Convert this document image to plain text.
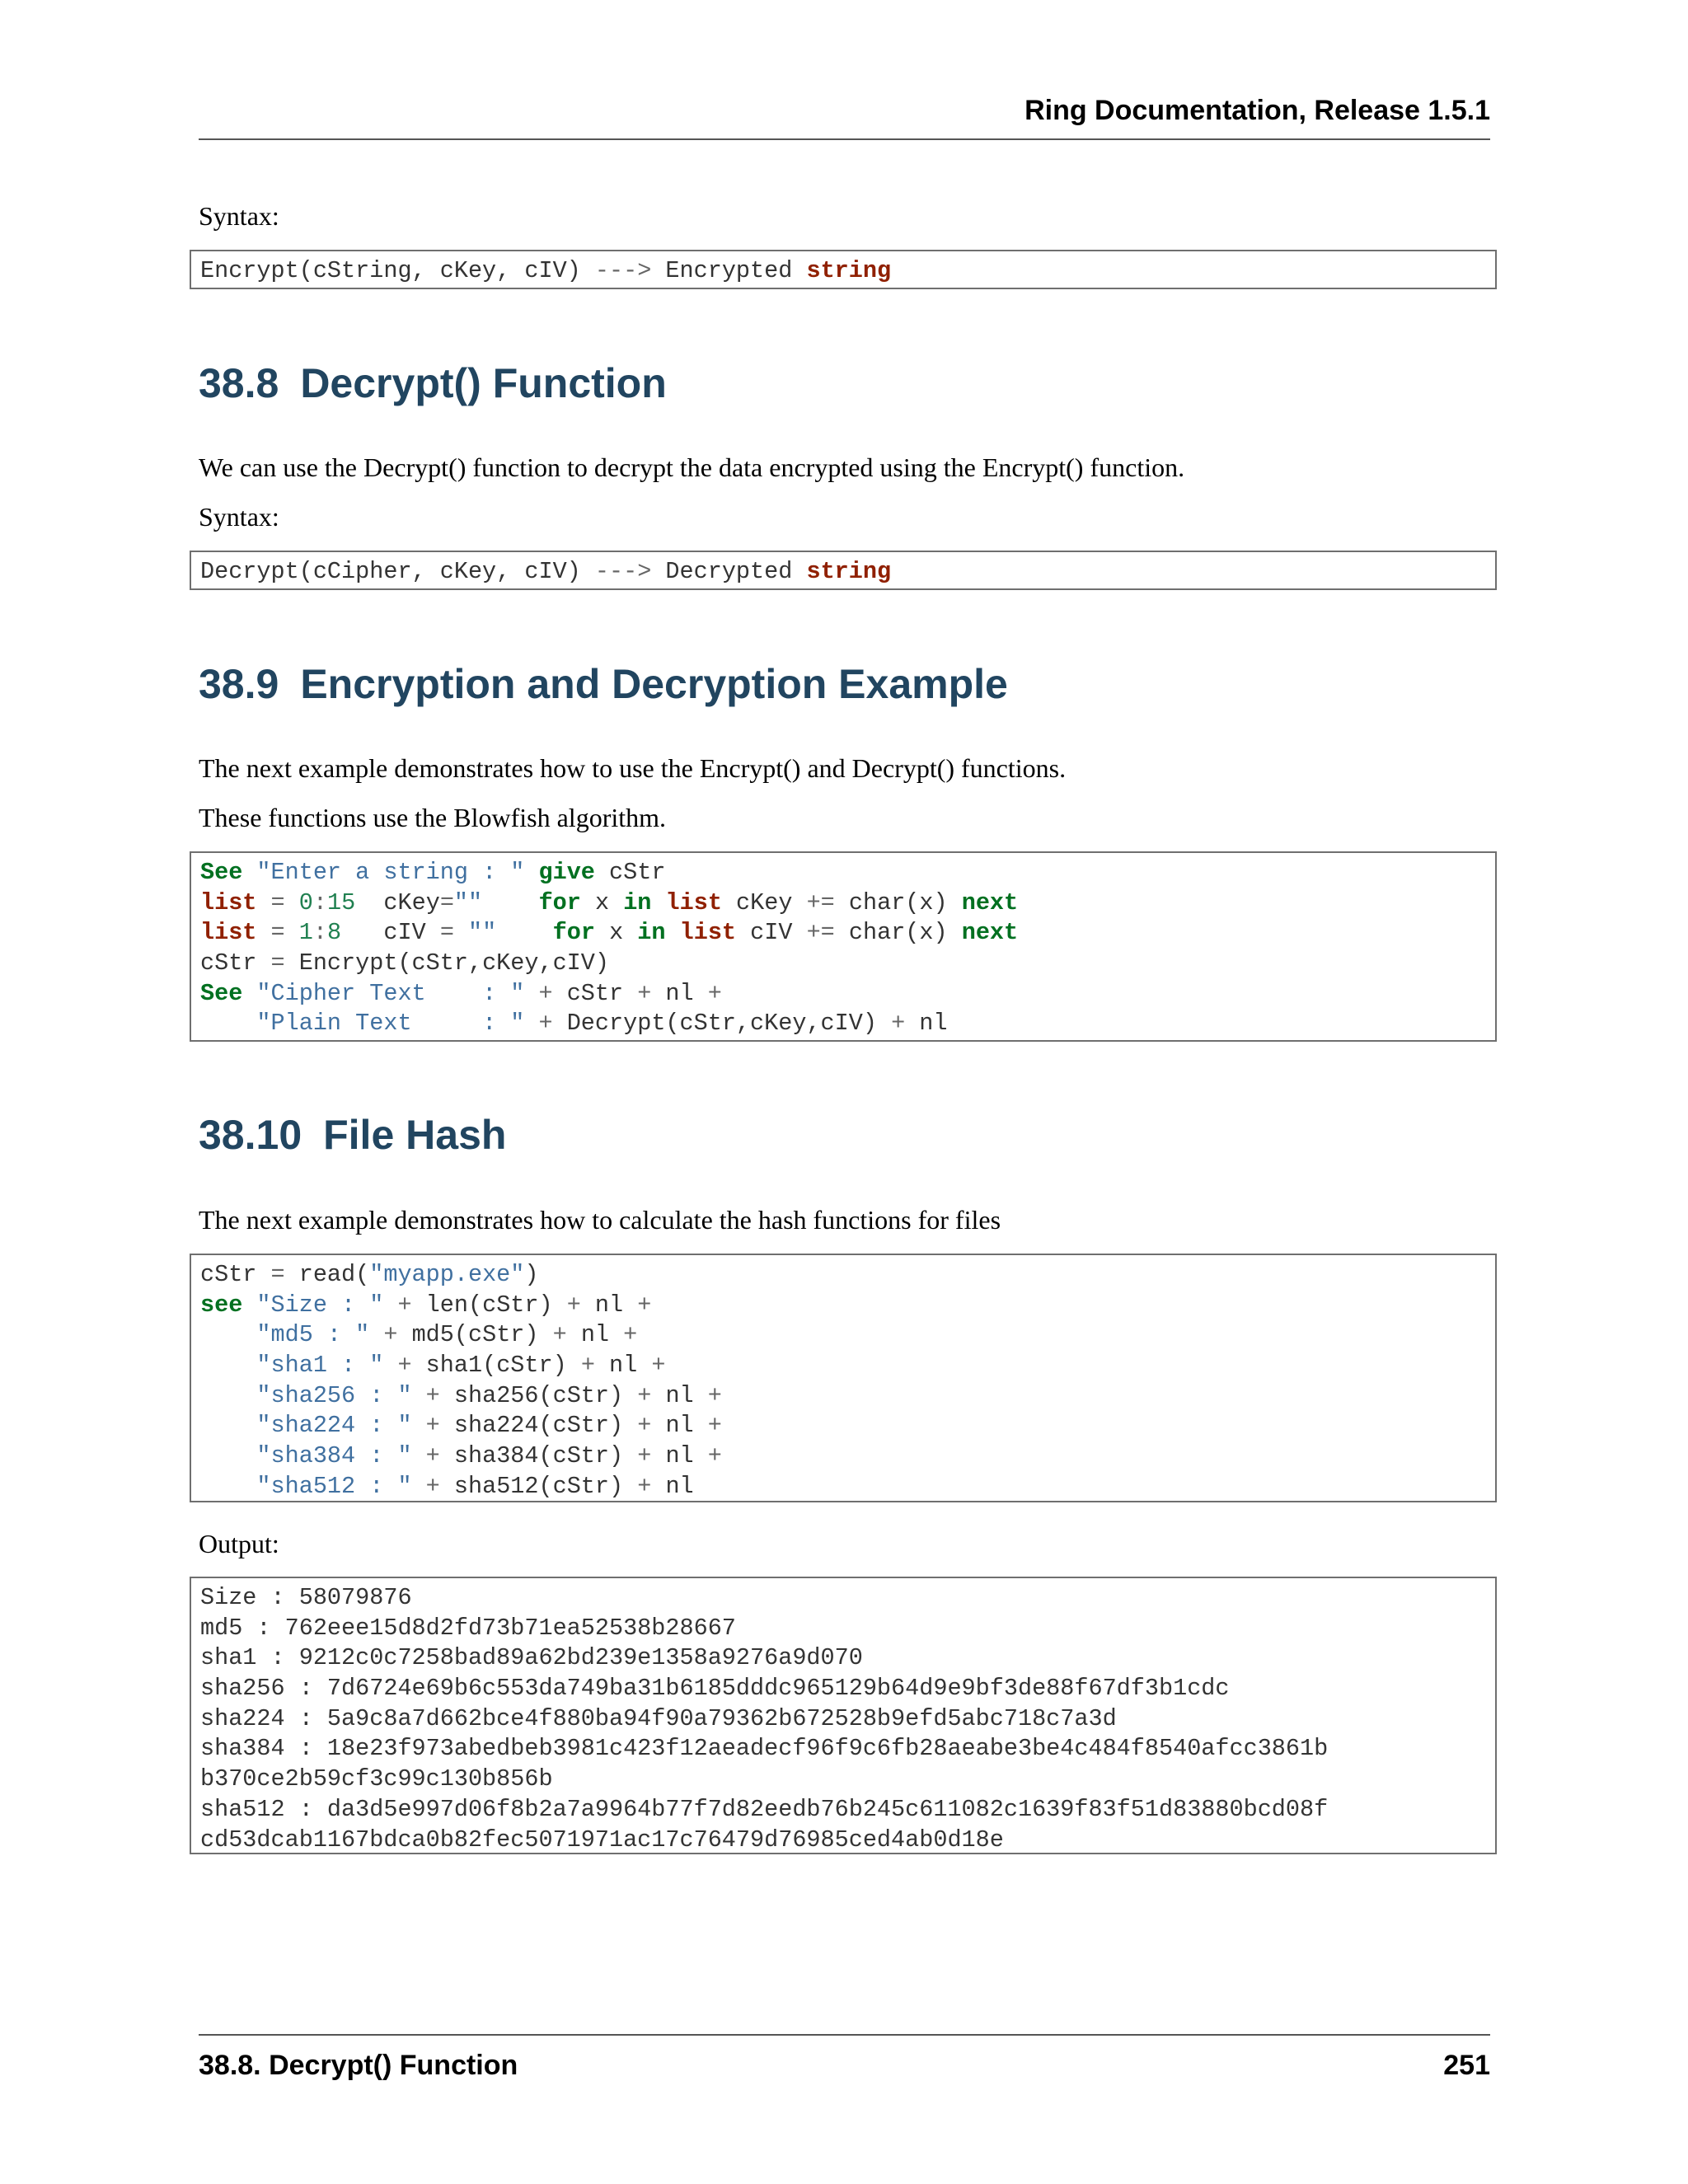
Ring Documentation, Release 1.5.1

Syntax:

Encrypt(cString, cKey, cIV) ---> Encrypted string
38.8 Decrypt() Function

We can use the Decrypt() function to decrypt the data encrypted using the Encrypt() function.

Syntax:

Decrypt(cCipher, cKey, cIV) ---> Decrypted string
38.9 Encryption and Decryption Example

The next example demonstrates how to use the Encrypt() and Decrypt() functions.

These functions use the Blowfish algorithm.

See "Enter a string : " give cStr
list = 0:15  cKey="" for x in list cKey += char(x) next
list = 1:8   cIV = "" for x in list cIV += char(x) next
cStr = Encrypt(cStr,cKey,cIV)
See "Cipher Text    : " + cStr + nl +
"Plain Text     : " + Decrypt(cStr,cKey,cIV) + nl
38.10 File Hash

The next example demonstrates how to calculate the hash functions for files

cStr = read("myapp.exe")
see "Size : " + len(cStr) + nl +
"md5 : " + md5(cStr) + nl +
"sha1 : " + sha1(cStr) + nl +
"sha256 : " + sha256(cStr) + nl +
"sha224 : " + sha224(cStr) + nl +
"sha384 : " + sha384(cStr) + nl +
"sha512 : " + sha512(cStr) + nl

Output:

Size : 58079876
md5 : 762eee15d8d2fd73b71ea52538b28667
sha1 : 9212c0c7258bad89a62bd239e1358a9276a9d070
sha256 : 7d6724e69b6c553da749ba31b6185dddc965129b64d9e9bf3de88f67df3b1cdc
sha224 : 5a9c8a7d662bce4f880ba94f90a79362b672528b9efd5abc718c7a3d
sha384 : 18e23f973abedbeb3981c423f12aeadecf96f9c6fb28aeabe3be4c484f8540afcc3861b
b370ce2b59cf3c99c130b856b
sha512 : da3d5e997d06f8b2a7a9964b77f7d82eedb76b245c611082c1639f83f51d83880bcd08f
cd53dcab1167bdca0b82fec5071971ac17c76479d76985ced4ab0d18e
38.8. Decrypt() Function	251
